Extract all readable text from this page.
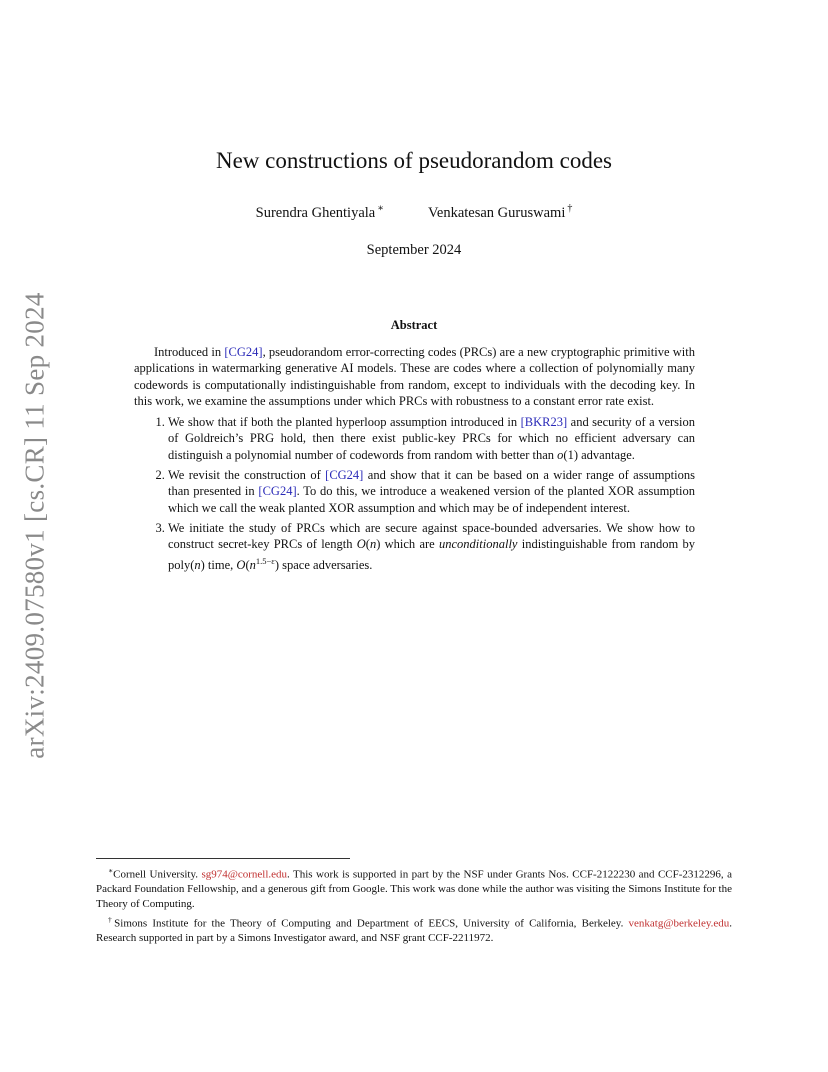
arXiv:2409.07580v1 [cs.CR] 11 Sep 2024
New constructions of pseudorandom codes
Surendra Ghentiyala ∗	Venkatesan Guruswami †
September 2024
Abstract

Introduced in [CG24], pseudorandom error-correcting codes (PRCs) are a new cryptographic primitive with applications in watermarking generative AI models. These are codes where a collection of polynomially many codewords is computationally indistinguishable from random, except to individuals with the decoding key. In this work, we examine the assumptions under which PRCs with robustness to a constant error rate exist.

1. We show that if both the planted hyperloop assumption introduced in [BKR23] and security of a version of Goldreich’s PRG hold, then there exist public-key PRCs for which no efficient adversary can distinguish a polynomial number of codewords from random with better than o(1) advantage.
2. We revisit the construction of [CG24] and show that it can be based on a wider range of assumptions than presented in [CG24]. To do this, we introduce a weakened version of the planted XOR assumption which we call the weak planted XOR assumption and which may be of independent interest.
3. We initiate the study of PRCs which are secure against space-bounded adversaries. We show how to construct secret-key PRCs of length O(n) which are unconditionally indistinguishable from random by poly(n) time, $O(n^{1.5-\varepsilon})$ space adversaries.

∗Cornell University. sg974@cornell.edu. This work is supported in part by the NSF under Grants Nos. CCF-2122230 and CCF-2312296, a Packard Foundation Fellowship, and a generous gift from Google. This work was done while the author was visiting the Simons Institute for the Theory of Computing.

†Simons Institute for the Theory of Computing and Department of EECS, University of California, Berkeley. venkatg@berkeley.edu. Research supported in part by a Simons Investigator award, and NSF grant CCF-2211972.
